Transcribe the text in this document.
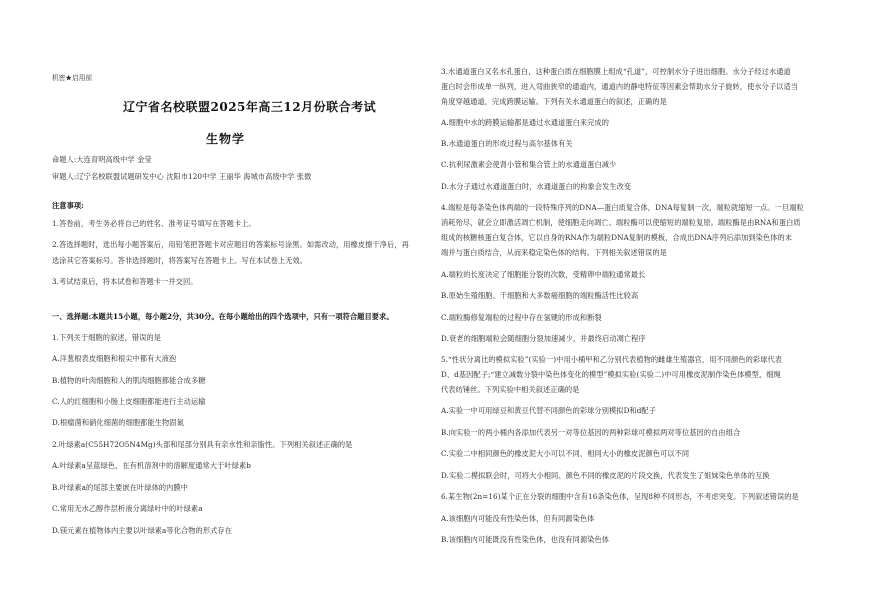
机密★启用前
辽宁省名校联盟2025年高三12月份联合考试
生物学
命题人:大连育明高级中学 金莹
审题人:辽宁名校联盟试题研发中心 沈阳市120中学 王丽华 海城市高级中学 张微
注意事项:
1.答卷前，考生务必将自己的姓名、准考证号填写在答题卡上。
2.答选择题时，选出每小题答案后，用铅笔把答题卡对应题目的答案标号涂黑。如需改动，用橡皮擦干净后，再
选涂其它答案标号。答非选择题时，将答案写在答题卡上。写在本试卷上无效。
3.考试结束后，将本试卷和答题卡一并交回。
一、选择题:本题共15小题，每小题2分，共30分。在每小题给出的四个选项中，只有一项符合题目要求。
1.下列关于细胞的叙述，错误的是
A.洋葱根表皮细胞和根尖中都有大液泡
B.植物的叶肉细胞和人的肌肉细胞都能合成多糖
C.人的红细胞和小肠上皮细胞都能进行主动运输
D.根瘤菌和硝化细菌的细胞都能生物固氮
2.叶绿素a(C55H72O5N4Mg)头部和尾部分别具有亲水性和亲脂性。下列相关叙述正确的是
A.叶绿素a呈蓝绿色，在有机溶剂中的溶解度通常大于叶绿素b
B.叶绿素a的尾部主要嵌在叶绿体的内膜中
C.常用无水乙醇作层析液分离绿叶中的叶绿素a
D.镁元素在植物体内主要以叶绿素a等化合物的形式存在
3.水通道蛋白又名水孔蛋白，这种蛋白质在细胞膜上组成“孔道”，可控制水分子进出细胞。水分子经过水通道
蛋白时会形成单一纵列，进入弯曲狭窄的通道内，通道内的静电特征等因素会帮助水分子旋转，使水分子以适当
角度穿越通道，完成跨膜运输。下列有关水通道蛋白的叙述，正确的是
A.细胞中水的跨膜运输都是通过水通道蛋白来完成的
B.水通道蛋白的形成过程与高尔基体有关
C.抗利尿激素会使肾小管和集合管上的水通道蛋白减少
D.水分子通过水通道蛋白时，水通道蛋白的构象会发生改变
4.端粒是每条染色体两端的一段特殊序列的DNA—蛋白质复合体，DNA每复制一次，端粒就缩短一点。一旦端粒
消耗殆尽，就会立即激活凋亡机制，使细胞走向凋亡。端粒酶可以使缩短的端粒复原。端粒酶是由RNA和蛋白质
组成的核糖核蛋白复合体，它以自身的RNA作为端粒DNA复制的模板，合成出DNA序列后添加到染色体的末
端并与蛋白质结合，从而来稳定染色体的结构。下列相关叙述错误的是
A.端粒的长度决定了细胞能分裂的次数，受精卵中端粒通常最长
B.原始生殖细胞、干细胞和大多数癌细胞的端粒酶活性比较高
C.端粒酶修复端粒的过程中存在氢键的形成和断裂
D.衰老的细胞端粒会随细胞分裂加速减少，并最终启动凋亡程序
5.“性状分离比的模拟实验”(实验一)中用小桶甲和乙分别代表植物的雌雄生殖器官，用不同颜色的彩球代表
D、d基因配子;“建立减数分裂中染色体变化的模型”模拟实验(实验二)中可用橡皮泥制作染色体模型，细绳
代表纺锤丝。下列实验中相关叙述正确的是
A.实验一中可用绿豆和黄豆代替不同颜色的彩球分别模拟D和d配子
B.向实验一的两小桶内各添加代表另一对等位基因的两种彩球可模拟两对等位基因的自由组合
C.实验二中相同颜色的橡皮泥大小可以不同，相同大小的橡皮泥颜色可以不同
D.实验二模拟联会时，可将大小相同、颜色不同的橡皮泥的片段交换，代表发生了姐妹染色单体的互换
6.某生物(2n=16)某个正在分裂的细胞中含有16条染色体，呈现8种不同形态，不考虑突变。下列叙述错误的是
A.该细胞内可能没有性染色体，但有同源染色体
B.该细胞内可能既没有性染色体，也没有同源染色体
